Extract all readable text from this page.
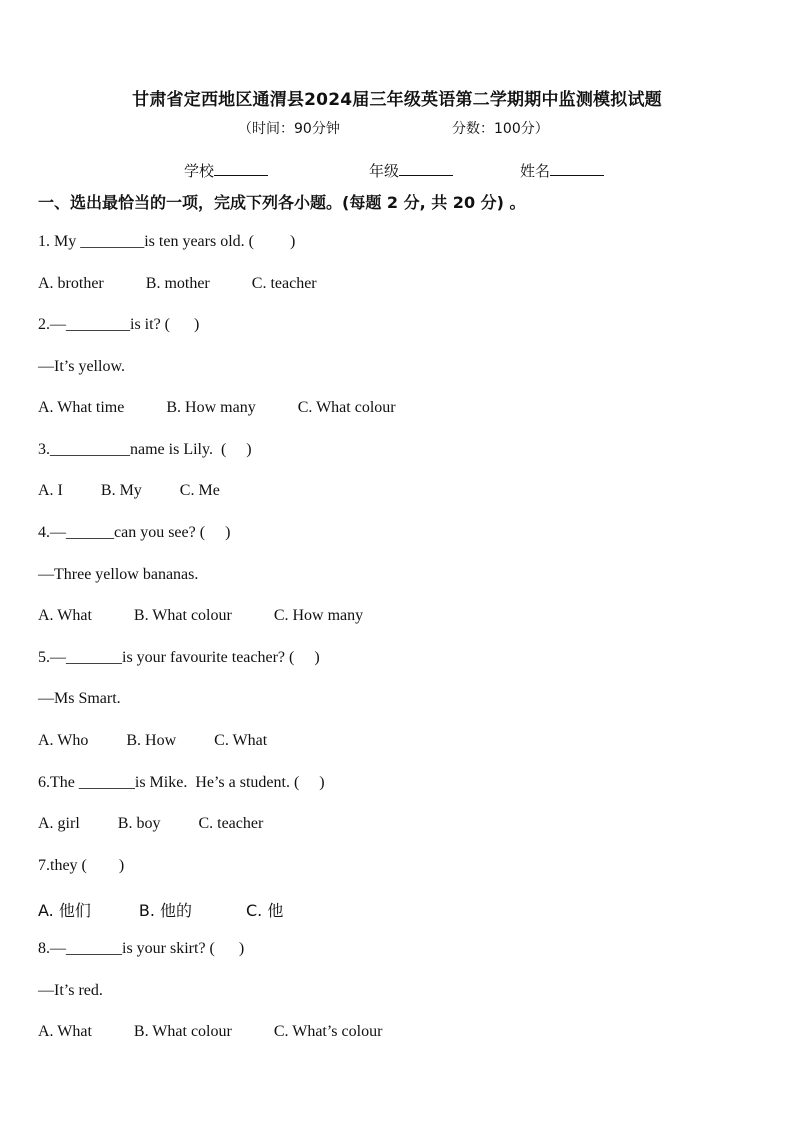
甘肃省定西地区通渭县2024届三年级英语第二学期期中监测模拟试题
（时间：90分钟	分数：100分）
学校	年级	姓名
一、选出最恰当的一项，完成下列各小题。(每题 2 分, 共 20 分) 。
1. My ________is ten years old. (         )
A. brother	B. mother	C. teacher
2.—________is it? (      )
—It’s yellow.
A. What time	B. How many	C. What colour
3.__________name is Lily.  (     )
A. I B. My C. Me
4.—______can you see? (     )
—Three yellow bananas.
A. What	B. What colour	C. How many
5.—_______is your favourite teacher? (     )
—Ms Smart.
A. Who B. How C. What
6.The _______is Mike.  He’s a student. (     )
A. girl B. boy C. teacher
7.they (        )
A. 他们	B. 他的	C. 他
8.—_______is your skirt? (      )
—It’s red.
A. What	B. What colour	C. What’s colour
